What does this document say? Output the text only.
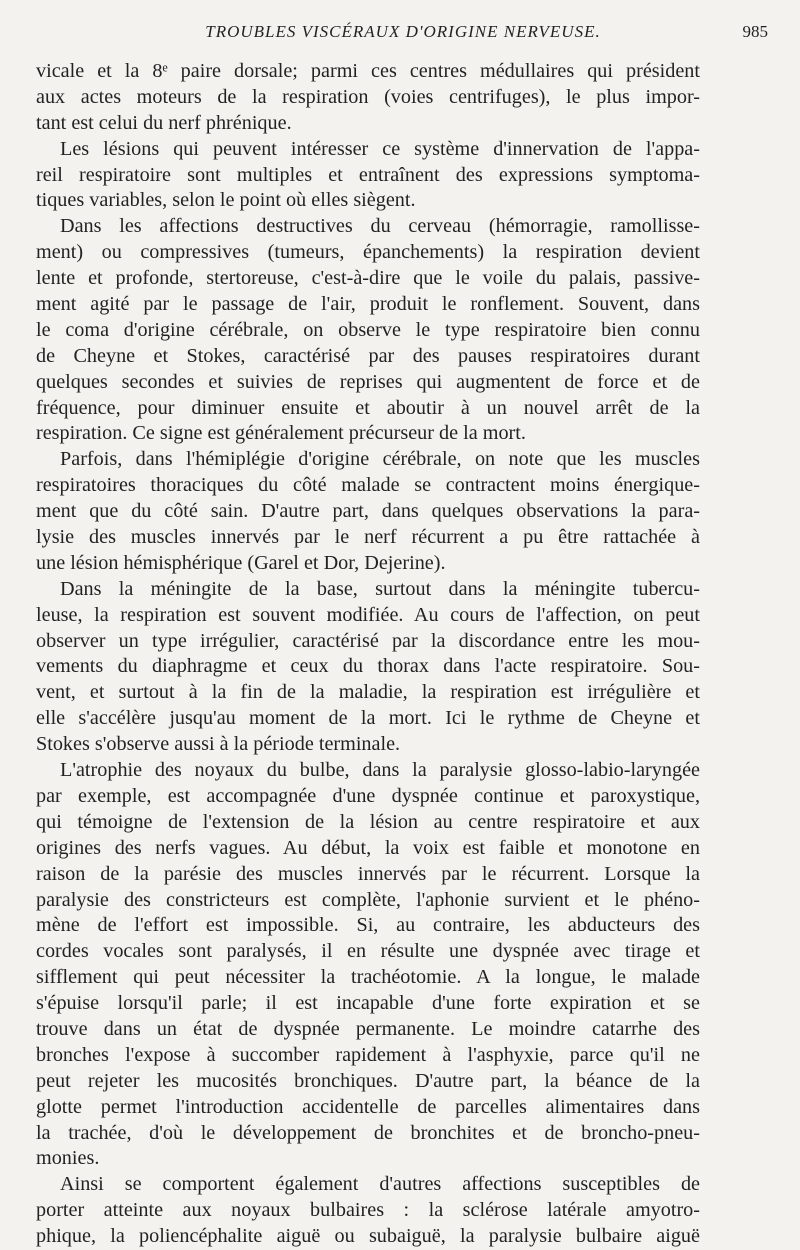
TROUBLES VISCÉRAUX D'ORIGINE NERVEUSE.	985
vicale et la 8ᵉ paire dorsale; parmi ces centres médullaires qui président
aux actes moteurs de la respiration (voies centrifuges), le plus impor-
tant est celui du nerf phrénique.
Les lésions qui peuvent intéresser ce système d'innervation de l'appa-
reil respiratoire sont multiples et entraînent des expressions symptoma-
tiques variables, selon le point où elles siègent.
Dans les affections destructives du cerveau (hémorragie, ramollisse-
ment) ou compressives (tumeurs, épanchements) la respiration devient
lente et profonde, stertoreuse, c'est-à-dire que le voile du palais, passive-
ment agité par le passage de l'air, produit le ronflement. Souvent, dans
le coma d'origine cérébrale, on observe le type respiratoire bien connu
de Cheyne et Stokes, caractérisé par des pauses respiratoires durant
quelques secondes et suivies de reprises qui augmentent de force et de
fréquence, pour diminuer ensuite et aboutir à un nouvel arrêt de la
respiration. Ce signe est généralement précurseur de la mort.
Parfois, dans l'hémiplégie d'origine cérébrale, on note que les muscles
respiratoires thoraciques du côté malade se contractent moins énergique-
ment que du côté sain. D'autre part, dans quelques observations la para-
lysie des muscles innervés par le nerf récurrent a pu être rattachée à
une lésion hémisphérique (Garel et Dor, Dejerine).
Dans la méningite de la base, surtout dans la méningite tubercu-
leuse, la respiration est souvent modifiée. Au cours de l'affection, on peut
observer un type irrégulier, caractérisé par la discordance entre les mou-
vements du diaphragme et ceux du thorax dans l'acte respiratoire. Sou-
vent, et surtout à la fin de la maladie, la respiration est irrégulière et
elle s'accélère jusqu'au moment de la mort. Ici le rythme de Cheyne et
Stokes s'observe aussi à la période terminale.
L'atrophie des noyaux du bulbe, dans la paralysie glosso-labio-laryngée
par exemple, est accompagnée d'une dyspnée continue et paroxystique,
qui témoigne de l'extension de la lésion au centre respiratoire et aux
origines des nerfs vagues. Au début, la voix est faible et monotone en
raison de la parésie des muscles innervés par le récurrent. Lorsque la
paralysie des constricteurs est complète, l'aphonie survient et le phéno-
mène de l'effort est impossible. Si, au contraire, les abducteurs des
cordes vocales sont paralysés, il en résulte une dyspnée avec tirage et
sifflement qui peut nécessiter la trachéotomie. A la longue, le malade
s'épuise lorsqu'il parle; il est incapable d'une forte expiration et se
trouve dans un état de dyspnée permanente. Le moindre catarrhe des
bronches l'expose à succomber rapidement à l'asphyxie, parce qu'il ne
peut rejeter les mucosités bronchiques. D'autre part, la béance de la
glotte permet l'introduction accidentelle de parcelles alimentaires dans
la trachée, d'où le développement de bronchites et de broncho-pneu-
monies.
Ainsi se comportent également d'autres affections susceptibles de
porter atteinte aux noyaux bulbaires : la sclérose latérale amyotro-
phique, la poliencéphalite aiguë ou subaiguë, la paralysie bulbaire aiguë
